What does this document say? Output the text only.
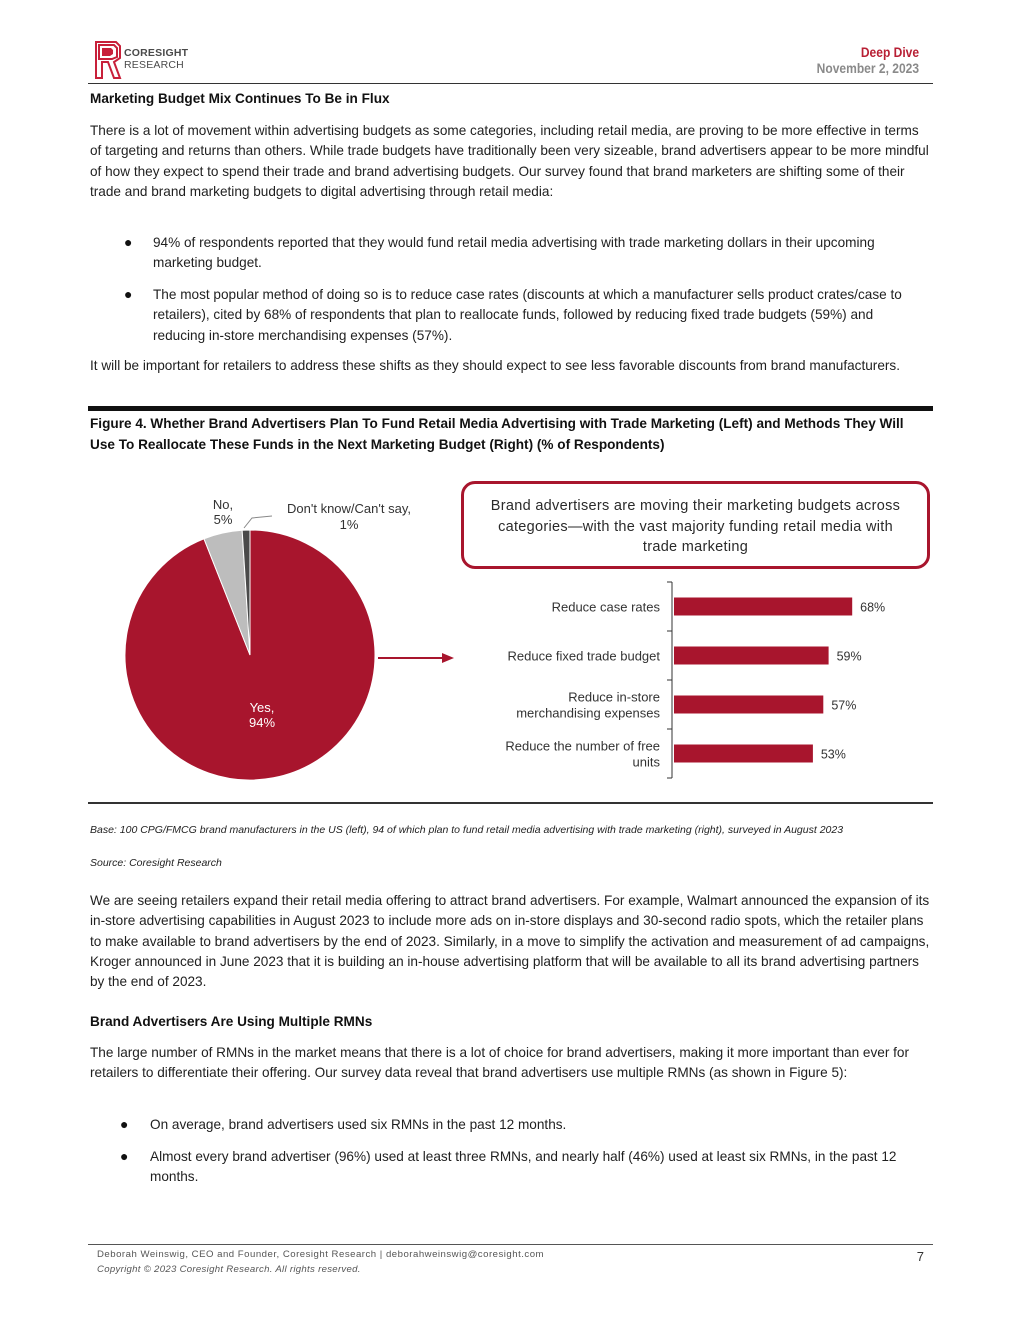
CORESIGHT
RESEARCH
Deep Dive
November 2, 2023
Marketing Budget Mix Continues To Be in Flux
There is a lot of movement within advertising budgets as some categories, including retail media, are proving to be more effective in terms of targeting and returns than others. While trade budgets have traditionally been very sizeable, brand advertisers appear to be more mindful of how they expect to spend their trade and brand advertising budgets. Our survey found that brand marketers are shifting some of their trade and brand marketing budgets to digital advertising through retail media:
● 94% of respondents reported that they would fund retail media advertising with trade marketing dollars in their upcoming marketing budget.
● The most popular method of doing so is to reduce case rates (discounts at which a manufacturer sells product crates/case to retailers), cited by 68% of respondents that plan to reallocate funds, followed by reducing fixed trade budgets (59%) and reducing in-store merchandising expenses (57%).
It will be important for retailers to address these shifts as they should expect to see less favorable discounts from brand manufacturers.
Figure 4. Whether Brand Advertisers Plan To Fund Retail Media Advertising with Trade Marketing (Left) and Methods They Will Use To Reallocate These Funds in the Next Marketing Budget (Right) (% of Respondents)
Yes, 94%
No, 5%
Don't know/Can't say, 1%
68%
Reduce case rates
59%
Reduce fixed trade budget
57%
Reduce in-store merchandising expenses
53%
Reduce the number of free units
Brand advertisers are moving their marketing budgets across categories—with the vast majority funding retail media with trade marketing
Base: 100 CPG/FMCG brand manufacturers in the US (left), 94 of which plan to fund retail media advertising with trade marketing (right), surveyed in August 2023
Source: Coresight Research
We are seeing retailers expand their retail media offering to attract brand advertisers. For example, Walmart announced the expansion of its in-store advertising capabilities in August 2023 to include more ads on in-store displays and 30-second radio spots, which the retailer plans to make available to brand advertisers by the end of 2023. Similarly, in a move to simplify the activation and measurement of ad campaigns, Kroger announced in June 2023 that it is building an in-house advertising platform that will be available to all its brand advertising partners by the end of 2023.
Brand Advertisers Are Using Multiple RMNs
The large number of RMNs in the market means that there is a lot of choice for brand advertisers, making it more important than ever for retailers to differentiate their offering. Our survey data reveal that brand advertisers use multiple RMNs (as shown in Figure 5):
● On average, brand advertisers used six RMNs in the past 12 months.
● Almost every brand advertiser (96%) used at least three RMNs, and nearly half (46%) used at least six RMNs, in the past 12 months.
Deborah Weinswig, CEO and Founder, Coresight Research | deborahweinswig@coresight.com
Copyright © 2023 Coresight Research. All rights reserved.
7
